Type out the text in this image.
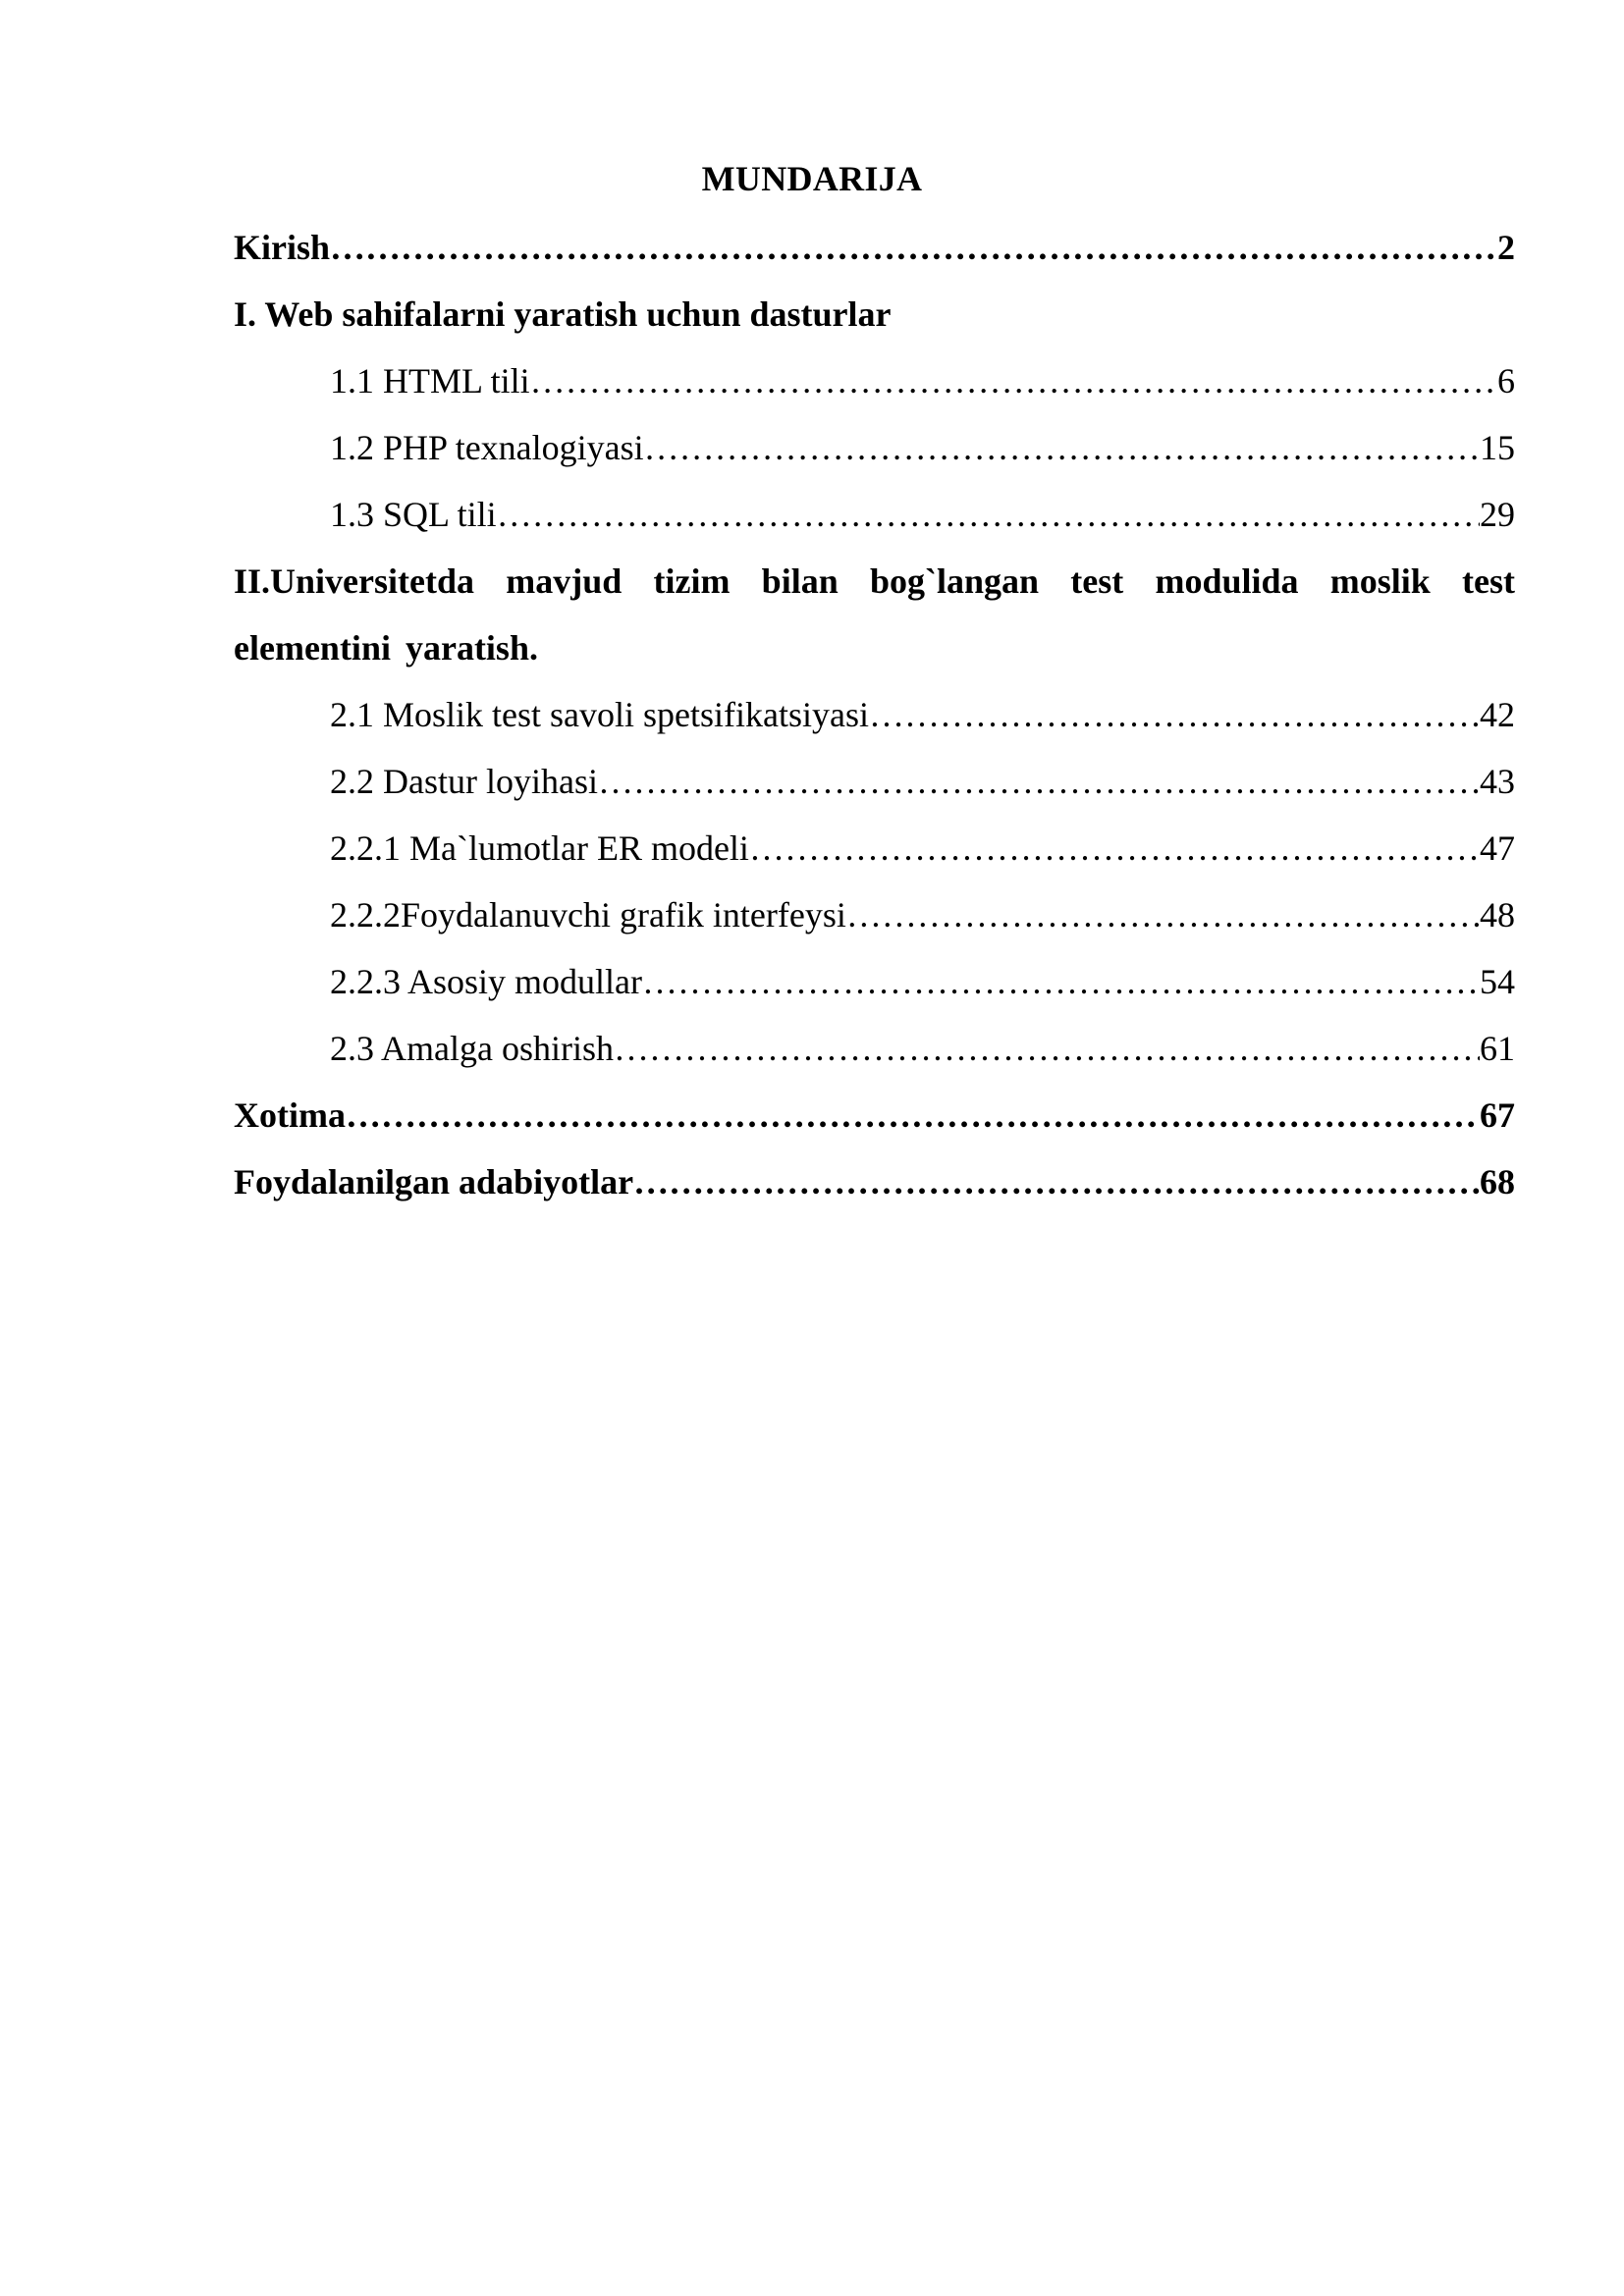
MUNDARIJA
Kirish ……………………………………………………………………………………………………………………………………………………………………	2
I. Web sahifalarni yaratish uchun dasturlar
1.1 HTML tili ……………………………………………………………………………………………………………………………………………………………………	6
1.2 PHP texnalogiyasi ……………………………………………………………………………………………………………………………………………………………………	15
1.3 SQL tili ……………………………………………………………………………………………………………………………………………………………………	29
II.Universitetda mavjud tizim bilan bog`langan test modulida moslik test elementini yaratish.
2.1 Moslik test savoli spetsifikatsiyasi ……………………………………………………………………………………………………………………………………………………………………	42
2.2 Dastur loyihasi ……………………………………………………………………………………………………………………………………………………………………	43
2.2.1 Ma`lumotlar ER modeli ……………………………………………………………………………………………………………………………………………………………………	47
2.2.2Foydalanuvchi grafik interfeysi ……………………………………………………………………………………………………………………………………………………………………	48
2.2.3 Asosiy modullar ……………………………………………………………………………………………………………………………………………………………………	54
2.3 Amalga oshirish ……………………………………………………………………………………………………………………………………………………………………	61
Xotima ……………………………………………………………………………………………………………………………………………………………………	67
Foydalanilgan adabiyotlar ……………………………………………………………………………………………………………………………………………………………………	68
